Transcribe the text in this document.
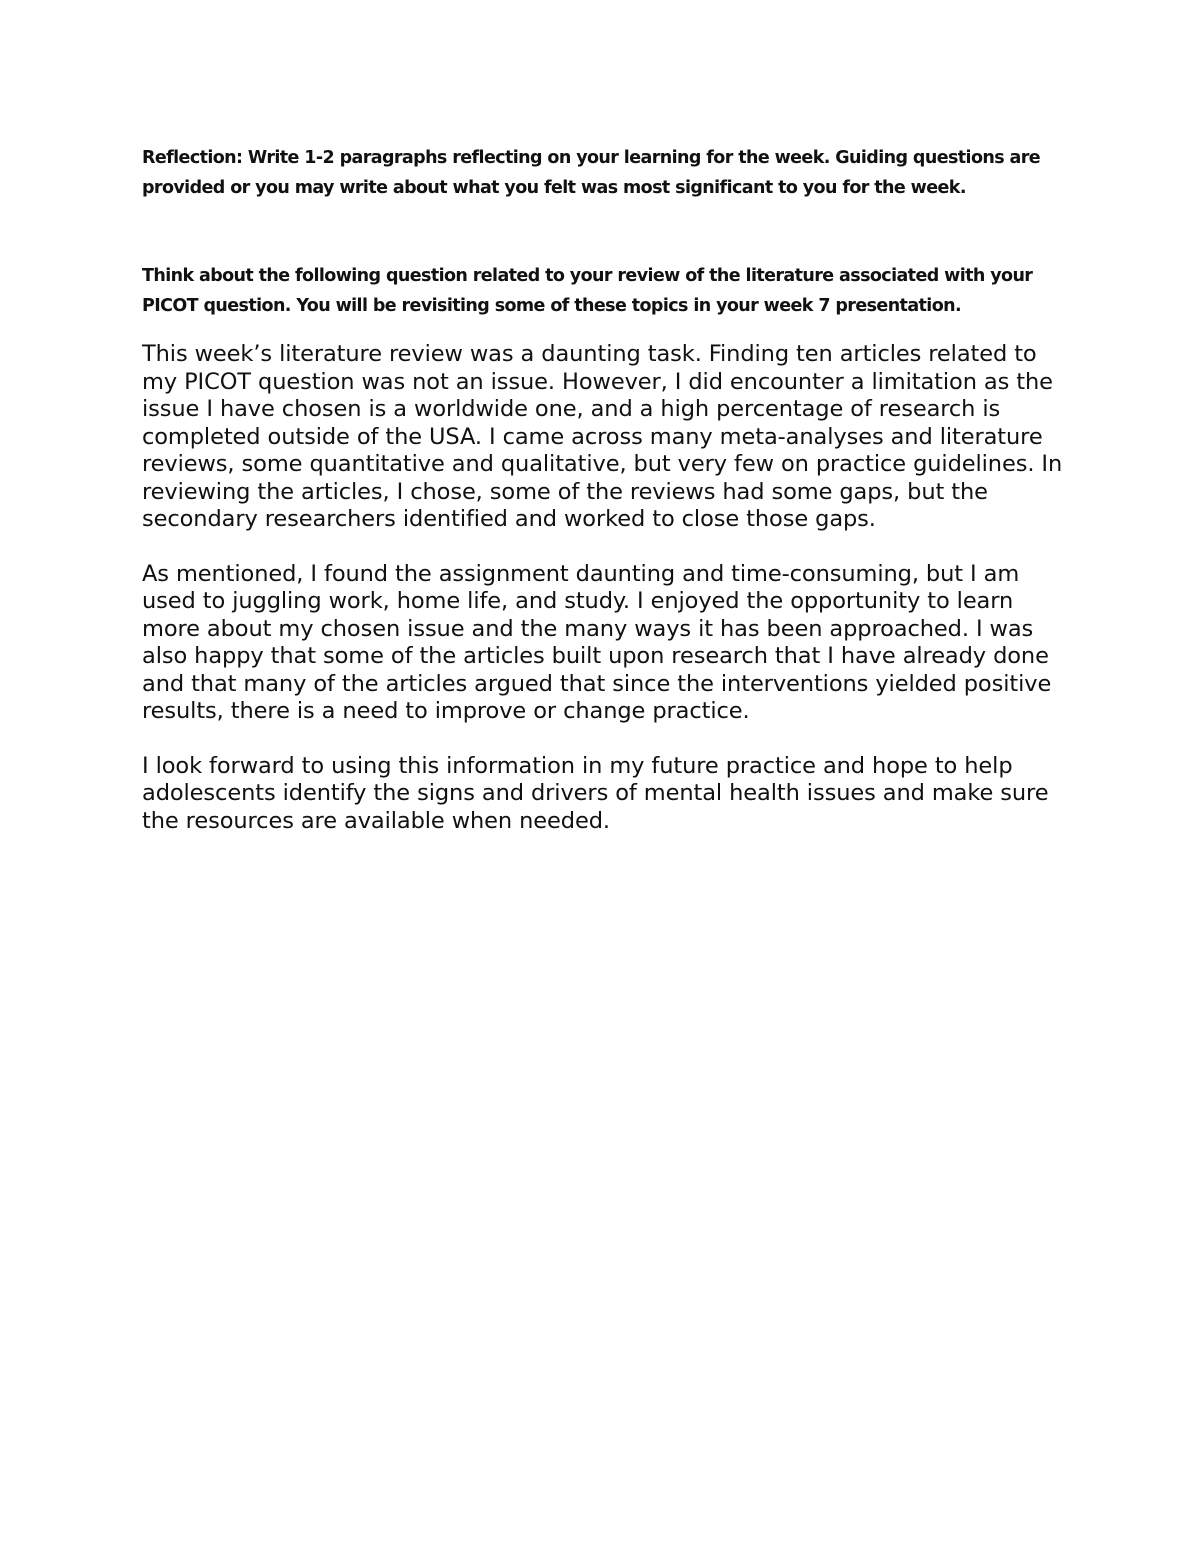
Reflection: Write 1-2 paragraphs reflecting on your learning for the week. Guiding questions are provided or you may write about what you felt was most significant to you for the week.

Think about the following question related to your review of the literature associated with your PICOT question. You will be revisiting some of these topics in your week 7 presentation.

This week’s literature review was a daunting task. Finding ten articles related to my PICOT question was not an issue. However, I did encounter a limitation as the issue I have chosen is a worldwide one, and a high percentage of research is completed outside of the USA. I came across many meta-analyses and literature reviews, some quantitative and qualitative, but very few on practice guidelines. In reviewing the articles, I chose, some of the reviews had some gaps, but the secondary researchers identified and worked to close those gaps.

As mentioned, I found the assignment daunting and time-consuming, but I am used to juggling work, home life, and study. I enjoyed the opportunity to learn more about my chosen issue and the many ways it has been approached. I was also happy that some of the articles built upon research that I have already done and that many of the articles argued that since the interventions yielded positive results, there is a need to improve or change practice.

I look forward to using this information in my future practice and hope to help adolescents identify the signs and drivers of mental health issues and make sure the resources are available when needed.
